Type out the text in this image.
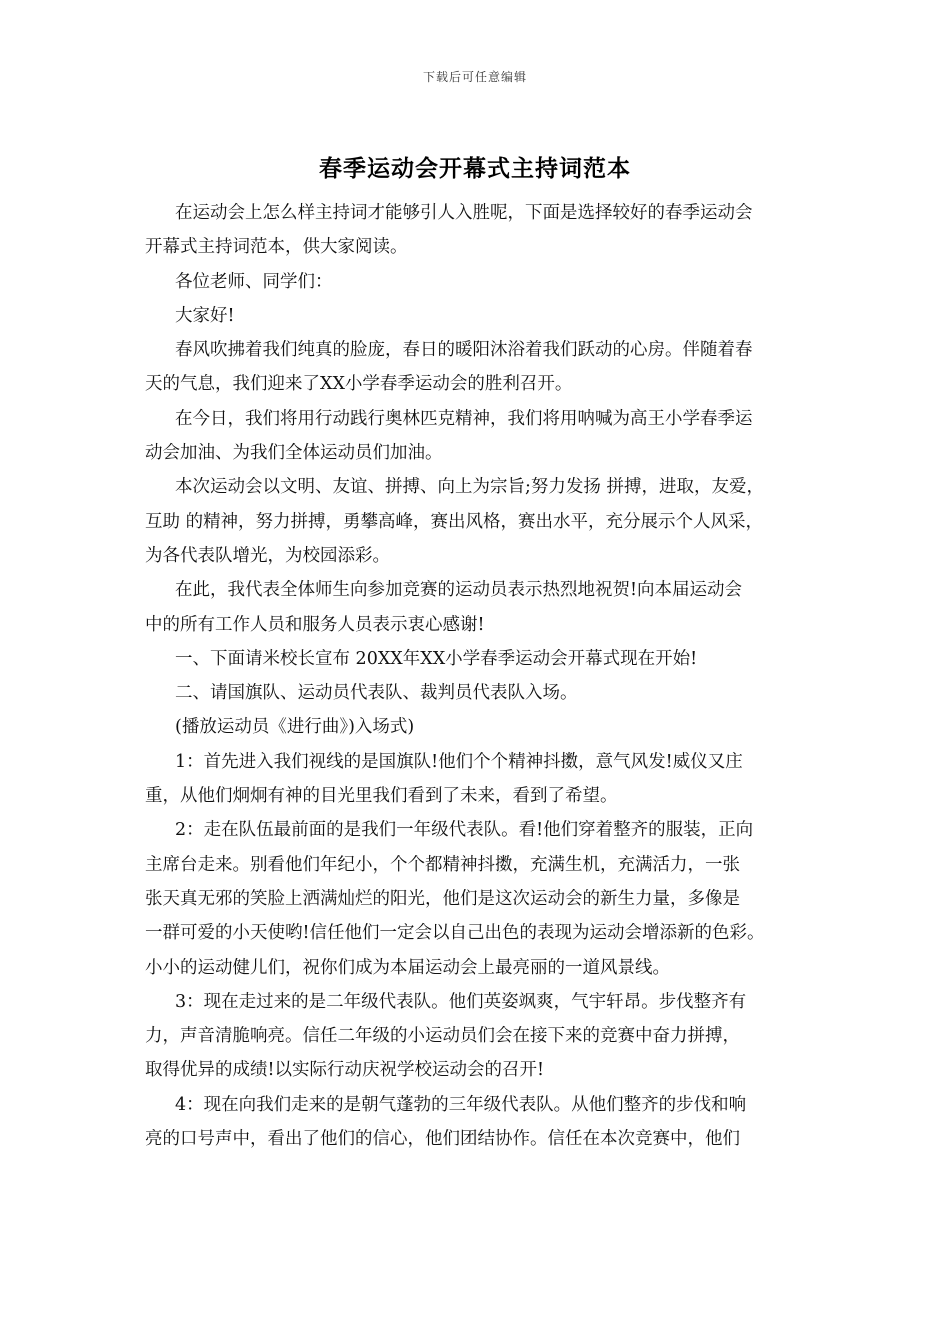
下载后可任意编辑
春季运动会开幕式主持词范本
在运动会上怎么样主持词才能够引人入胜呢，下面是选择较好的春季运动会
开幕式主持词范本，供大家阅读。
各位老师、同学们：
大家好!
春风吹拂着我们纯真的脸庞，春日的暖阳沐浴着我们跃动的心房。伴随着春
天的气息，我们迎来了XX小学春季运动会的胜利召开。
在今日，我们将用行动践行奥林匹克精神，我们将用呐喊为高王小学春季运
动会加油、为我们全体运动员们加油。
本次运动会以文明、友谊、拼搏、向上为宗旨;努力发扬 拼搏，进取，友爱，
互助 的精神，努力拼搏，勇攀高峰，赛出风格，赛出水平，充分展示个人风采，
为各代表队增光，为校园添彩。
在此，我代表全体师生向参加竞赛的运动员表示热烈地祝贺!向本届运动会
中的所有工作人员和服务人员表示衷心感谢!
一、下面请米校长宣布 20XX年XX小学春季运动会开幕式现在开始!
二、请国旗队、运动员代表队、裁判员代表队入场。
(播放运动员《进行曲》)入场式)
1：首先进入我们视线的是国旗队!他们个个精神抖擞，意气风发!威仪又庄
重，从他们炯炯有神的目光里我们看到了未来，看到了希望。
2：走在队伍最前面的是我们一年级代表队。看!他们穿着整齐的服装，正向
主席台走来。别看他们年纪小，个个都精神抖擞，充满生机，充满活力，一张
张天真无邪的笑脸上洒满灿烂的阳光，他们是这次运动会的新生力量，多像是
一群可爱的小天使哟!信任他们一定会以自己出色的表现为运动会增添新的色彩。
小小的运动健儿们，祝你们成为本届运动会上最亮丽的一道风景线。
3：现在走过来的是二年级代表队。他们英姿飒爽，气宇轩昂。步伐整齐有
力，声音清脆响亮。信任二年级的小运动员们会在接下来的竞赛中奋力拼搏，
取得优异的成绩!以实际行动庆祝学校运动会的召开!
4：现在向我们走来的是朝气蓬勃的三年级代表队。从他们整齐的步伐和响
亮的口号声中，看出了他们的信心，他们团结协作。信任在本次竞赛中，他们
